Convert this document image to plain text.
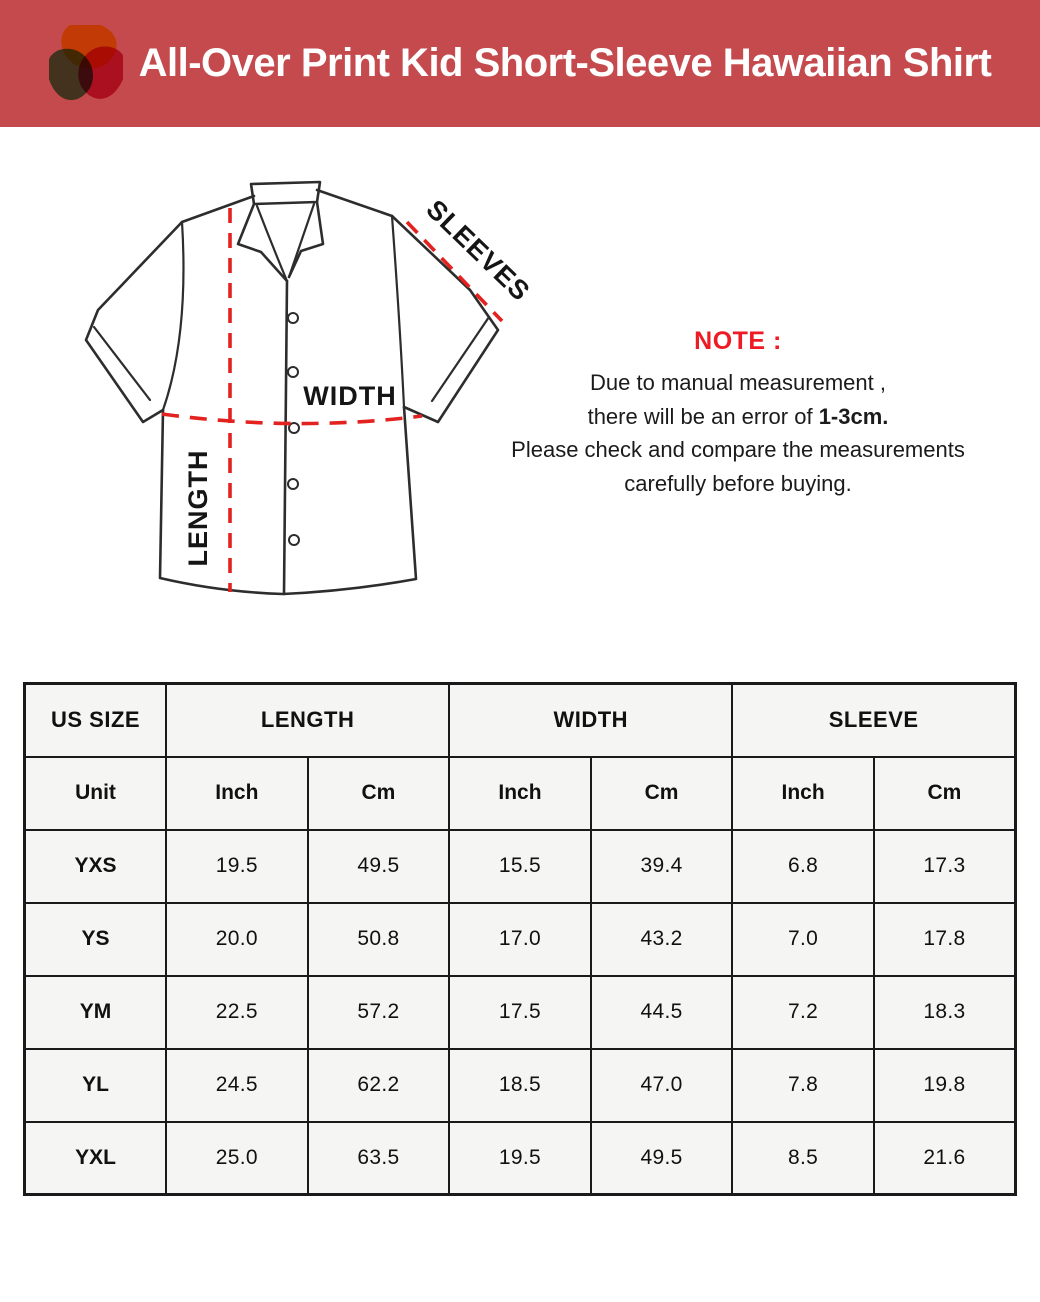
All-Over Print Kid Short-Sleeve Hawaiian Shirt
WIDTH
LENGTH
SLEEVES
NOTE :
Due to manual measurement ,
there will be an error of 1-3cm.
Please check and compare the measurements
carefully before buying.
US SIZE	LENGTH		WIDTH		SLEEVE	
Unit	Inch	Cm	Inch	Cm	Inch	Cm
YXS	19.5	49.5	15.5	39.4	6.8	17.3
YS	20.0	50.8	17.0	43.2	7.0	17.8
YM	22.5	57.2	17.5	44.5	7.2	18.3
YL	24.5	62.2	18.5	47.0	7.8	19.8
YXL	25.0	63.5	19.5	49.5	8.5	21.6
